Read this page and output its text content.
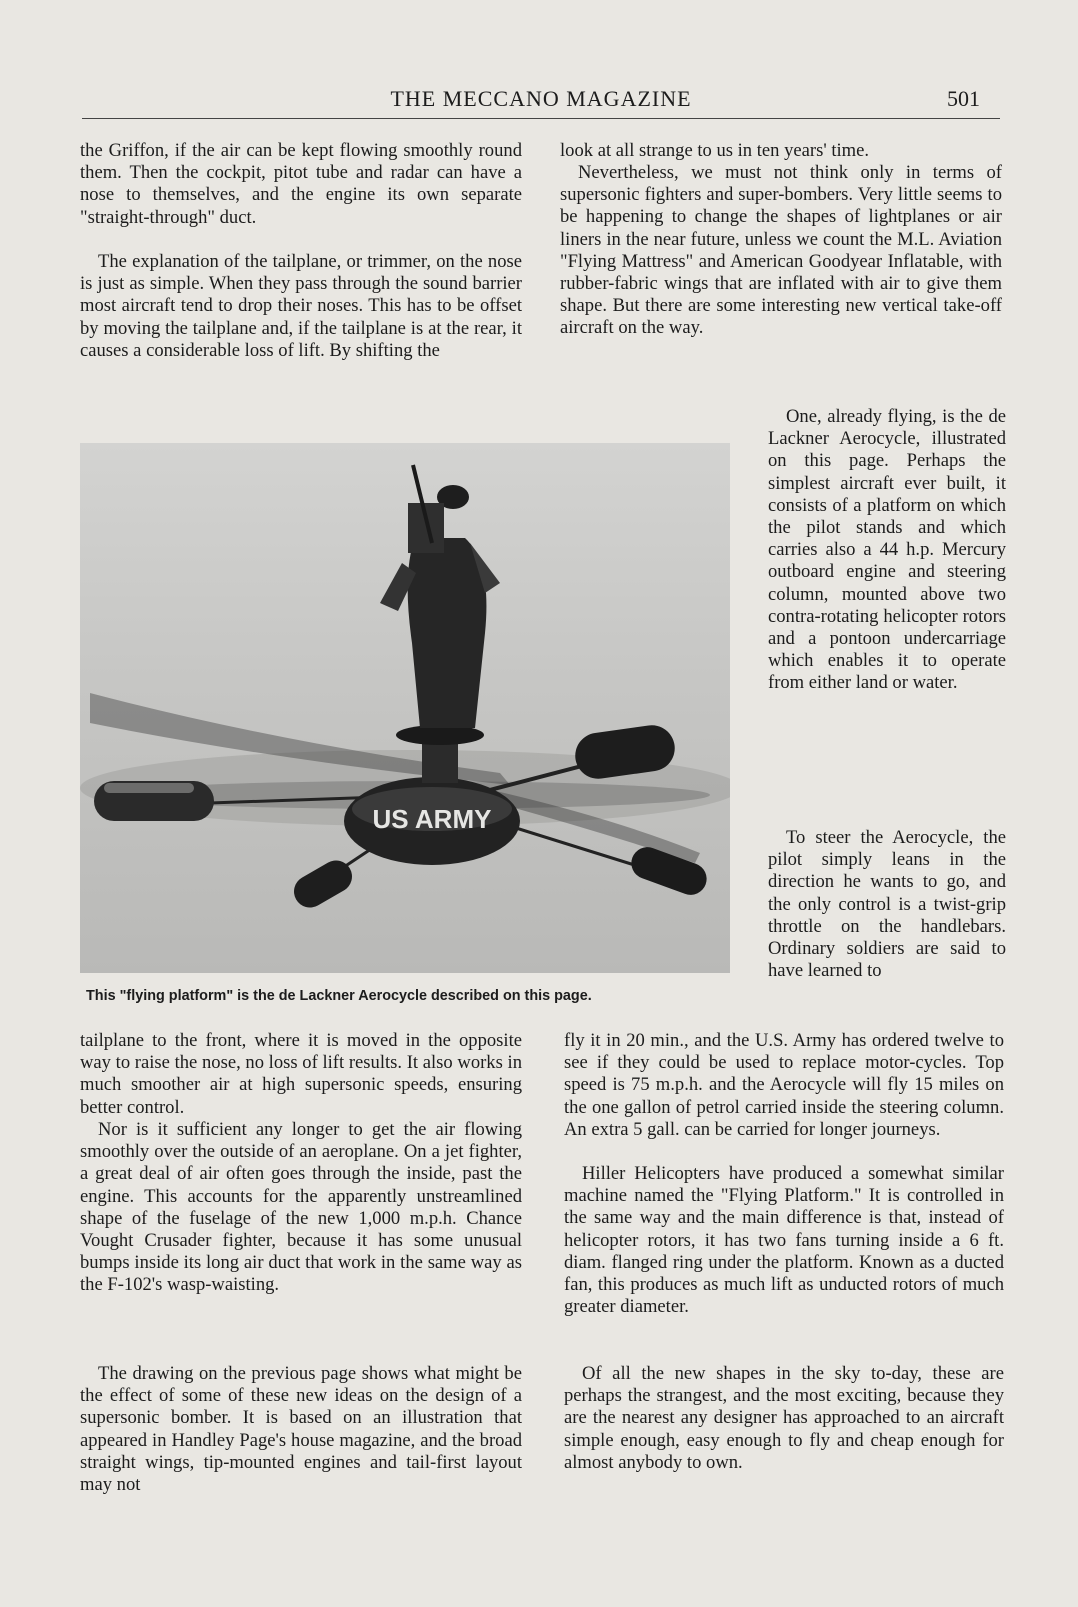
THE MECCANO MAGAZINE	501

the Griffon, if the air can be kept flowing smoothly round them. Then the cockpit, pitot tube and radar can have a nose to themselves, and the engine its own separate "straight-through" duct.

The explanation of the tailplane, or trimmer, on the nose is just as simple. When they pass through the sound barrier most aircraft tend to drop their noses. This has to be offset by moving the tailplane and, if the tailplane is at the rear, it causes a considerable loss of lift. By shifting the

look at all strange to us in ten years' time.

Nevertheless, we must not think only in terms of supersonic fighters and super-bombers. Very little seems to be happening to change the shapes of lightplanes or air liners in the near future, unless we count the M.L. Aviation "Flying Mattress" and American Goodyear Inflatable, with rubber-fabric wings that are inflated with air to give them shape. But there are some interesting new vertical take-off aircraft on the way.

One, already flying, is the de Lackner Aerocycle, illustrated on this page. Perhaps the simplest aircraft ever built, it consists of a platform on which the pilot stands and which carries also a 44 h.p. Mercury outboard engine and steering column, mounted above two contra-rotating helicopter rotors and a pontoon undercarriage which enables it to operate from either land or water.

To steer the Aerocycle, the pilot simply leans in the direction he wants to go, and the only control is a twist-grip throttle on the handlebars. Ordinary soldiers are said to have learned to

US ARMY
This "flying platform" is the de Lackner Aerocycle described on this page.

tailplane to the front, where it is moved in the opposite way to raise the nose, no loss of lift results. It also works in much smoother air at high supersonic speeds, ensuring better control.

Nor is it sufficient any longer to get the air flowing smoothly over the outside of an aeroplane. On a jet fighter, a great deal of air often goes through the inside, past the engine. This accounts for the apparently unstreamlined shape of the fuselage of the new 1,000 m.p.h. Chance Vought Crusader fighter, because it has some unusual bumps inside its long air duct that work in the same way as the F-102's wasp-waisting.

The drawing on the previous page shows what might be the effect of some of these new ideas on the design of a supersonic bomber. It is based on an illustration that appeared in Handley Page's house magazine, and the broad straight wings, tip-mounted engines and tail-first layout may not

fly it in 20 min., and the U.S. Army has ordered twelve to see if they could be used to replace motor-cycles. Top speed is 75 m.p.h. and the Aerocycle will fly 15 miles on the one gallon of petrol carried inside the steering column. An extra 5 gall. can be carried for longer journeys.

Hiller Helicopters have produced a somewhat similar machine named the "Flying Platform." It is controlled in the same way and the main difference is that, instead of helicopter rotors, it has two fans turning inside a 6 ft. diam. flanged ring under the platform. Known as a ducted fan, this produces as much lift as unducted rotors of much greater diameter.

Of all the new shapes in the sky to-day, these are perhaps the strangest, and the most exciting, because they are the nearest any designer has approached to an aircraft simple enough, easy enough to fly and cheap enough for almost anybody to own.
